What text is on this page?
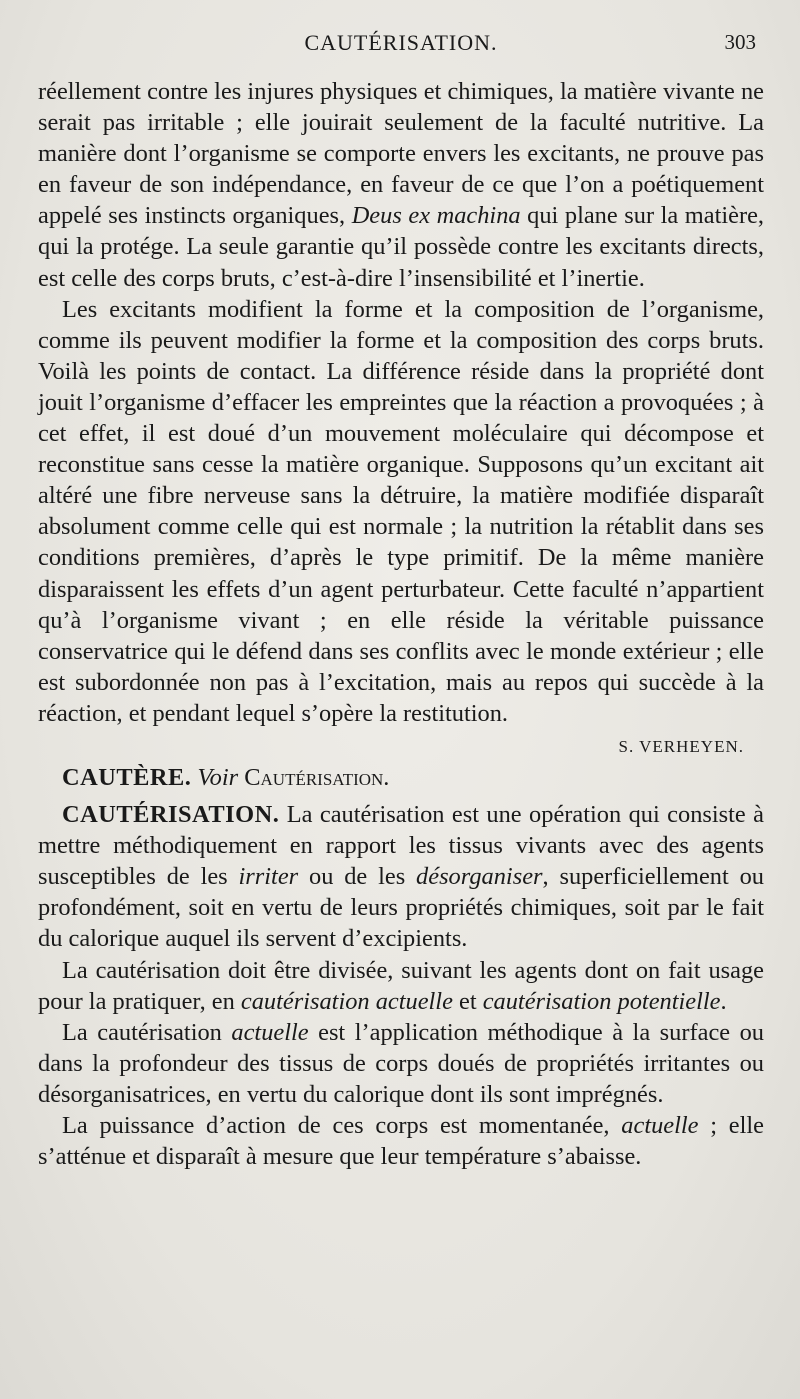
CAUTÉRISATION.	303

réellement contre les injures physiques et chimiques, la matière vivante ne serait pas irritable ; elle jouirait seulement de la faculté nutritive. La manière dont l’organisme se comporte envers les excitants, ne prouve pas en faveur de son indépendance, en faveur de ce que l’on a poétiquement appelé ses instincts organiques, Deus ex machina qui plane sur la matière, qui la protége. La seule garantie qu’il possède contre les excitants directs, est celle des corps bruts, c’est-à-dire l’insensibilité et l’inertie.

Les excitants modifient la forme et la composition de l’organisme, comme ils peuvent modifier la forme et la composition des corps bruts. Voilà les points de contact. La différence réside dans la propriété dont jouit l’organisme d’effacer les empreintes que la réaction a provoquées ; à cet effet, il est doué d’un mouvement moléculaire qui décompose et reconstitue sans cesse la matière organique. Supposons qu’un excitant ait altéré une fibre nerveuse sans la détruire, la matière modifiée disparaît absolument comme celle qui est normale ; la nutrition la rétablit dans ses conditions premières, d’après le type primitif. De la même manière disparaissent les effets d’un agent perturbateur. Cette faculté n’appartient qu’à l’organisme vivant ; en elle réside la véritable puissance conservatrice qui le défend dans ses conflits avec le monde extérieur ; elle est subordonnée non pas à l’excitation, mais au repos qui succède à la réaction, et pendant lequel s’opère la restitution.

S. VERHEYEN.

CAUTÈRE. Voir Cautérisation.

CAUTÉRISATION. La cautérisation est une opération qui consiste à mettre méthodiquement en rapport les tissus vivants avec des agents susceptibles de les irriter ou de les désorganiser, superficiellement ou profondément, soit en vertu de leurs propriétés chimiques, soit par le fait du calorique auquel ils servent d’excipients.

La cautérisation doit être divisée, suivant les agents dont on fait usage pour la pratiquer, en cautérisation actuelle et cautérisation potentielle.

La cautérisation actuelle est l’application méthodique à la surface ou dans la profondeur des tissus de corps doués de propriétés irritantes ou désorganisatrices, en vertu du calorique dont ils sont imprégnés.

La puissance d’action de ces corps est momentanée, actuelle ; elle s’atténue et disparaît à mesure que leur température s’abaisse.
